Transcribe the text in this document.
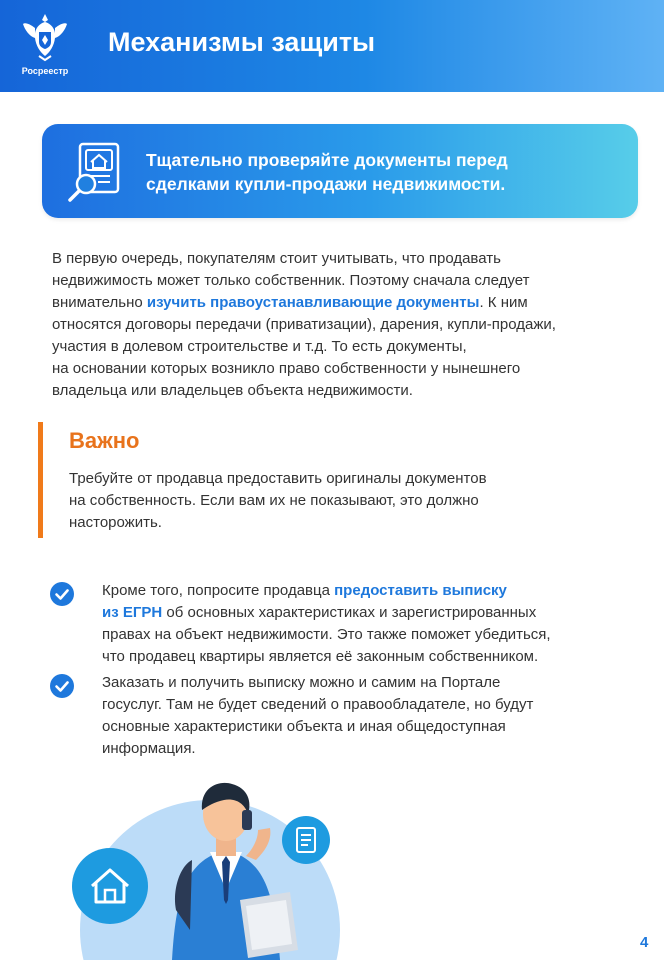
Росреестр
Механизмы защиты
Тщательно проверяйте документы перед
сделками купли-продажи недвижимости.
В первую очередь, покупателям стоит учитывать, что продавать
недвижимость может только собственник. Поэтому сначала следует
внимательно изучить правоустанавливающие документы. К ним
относятся договоры передачи (приватизации), дарения, купли-продажи,
участия в долевом строительстве и т.д. То есть документы,
на основании которых возникло право собственности у нынешнего
владельца или владельцев объекта недвижимости.
Важно
Требуйте от продавца предоставить оригиналы документов
на собственность. Если вам их не показывают, это должно
насторожить.
Кроме того, попросите продавца предоставить выписку
из ЕГРН об основных характеристиках и зарегистрированных
правах на объект недвижимости. Это также поможет убедиться,
что продавец квартиры является её законным собственником.
Заказать и получить выписку можно и самим на Портале
госуслуг. Там не будет сведений о правообладателе, но будут
основные характеристики объекта и иная общедоступная
информация.
4
